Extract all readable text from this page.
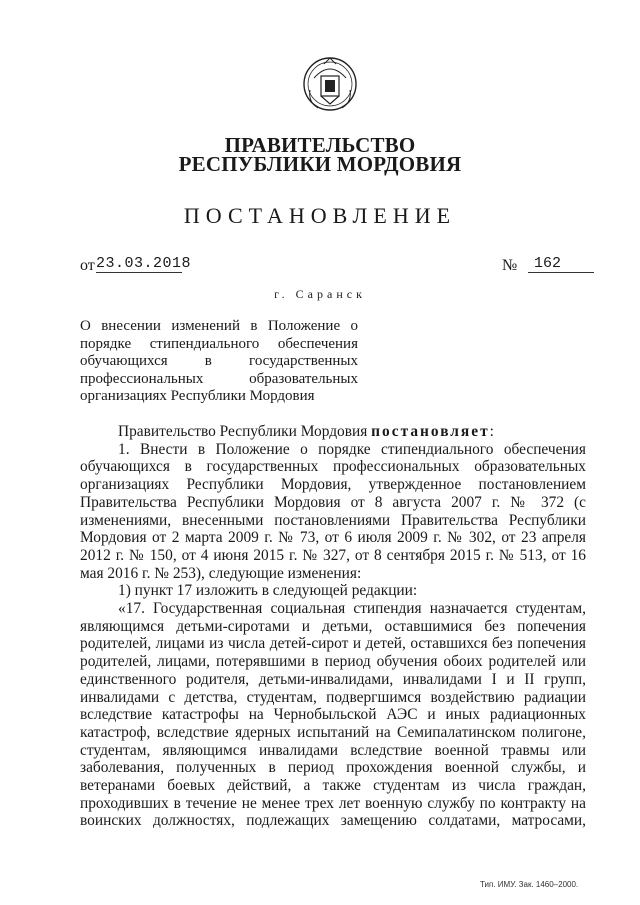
ПРАВИТЕЛЬСТВО
РЕСПУБЛИКИ МОРДОВИЯ
ПОСТАНОВЛЕНИЕ
от 23.03.2018	№	162
г. Саранск
О внесении изменений в Положение о
порядке стипендиального обеспечения
обучающихся в государственных
профессиональных образовательных
организациях Республики Мордовия
Правительство Республики Мордовия постановляет:
1. Внести в Положение о порядке стипендиального обеспечения
обучающихся в государственных профессиональных образовательных
организациях Республики Мордовия, утвержденное постановлением
Правительства Республики Мордовия от 8 августа 2007 г. № 372 (с
изменениями, внесенными постановлениями Правительства Республики
Мордовия от 2 марта 2009 г. № 73, от 6 июля 2009 г. № 302, от 23 апреля
2012 г. № 150, от 4 июня 2015 г. № 327, от 8 сентября 2015 г. № 513, от 16
мая 2016 г. № 253), следующие изменения:
1) пункт 17 изложить в следующей редакции:
«17. Государственная социальная стипендия назначается студентам,
являющимся детьми-сиротами и детьми, оставшимися без попечения
родителей, лицами из числа детей-сирот и детей, оставшихся без попечения
родителей, лицами, потерявшими в период обучения обоих родителей или
единственного родителя, детьми-инвалидами, инвалидами I и II групп,
инвалидами с детства, студентам, подвергшимся воздействию радиации
вследствие катастрофы на Чернобыльской АЭС и иных радиационных
катастроф, вследствие ядерных испытаний на Семипалатинском полигоне,
студентам, являющимся инвалидами вследствие военной травмы или
заболевания, полученных в период прохождения военной службы, и
ветеранами боевых действий, а также студентам из числа граждан,
проходивших в течение не менее трех лет военную службу по контракту на
воинских должностях, подлежащих замещению солдатами, матросами,
Тип. ИМУ. Зак. 1460–2000.
